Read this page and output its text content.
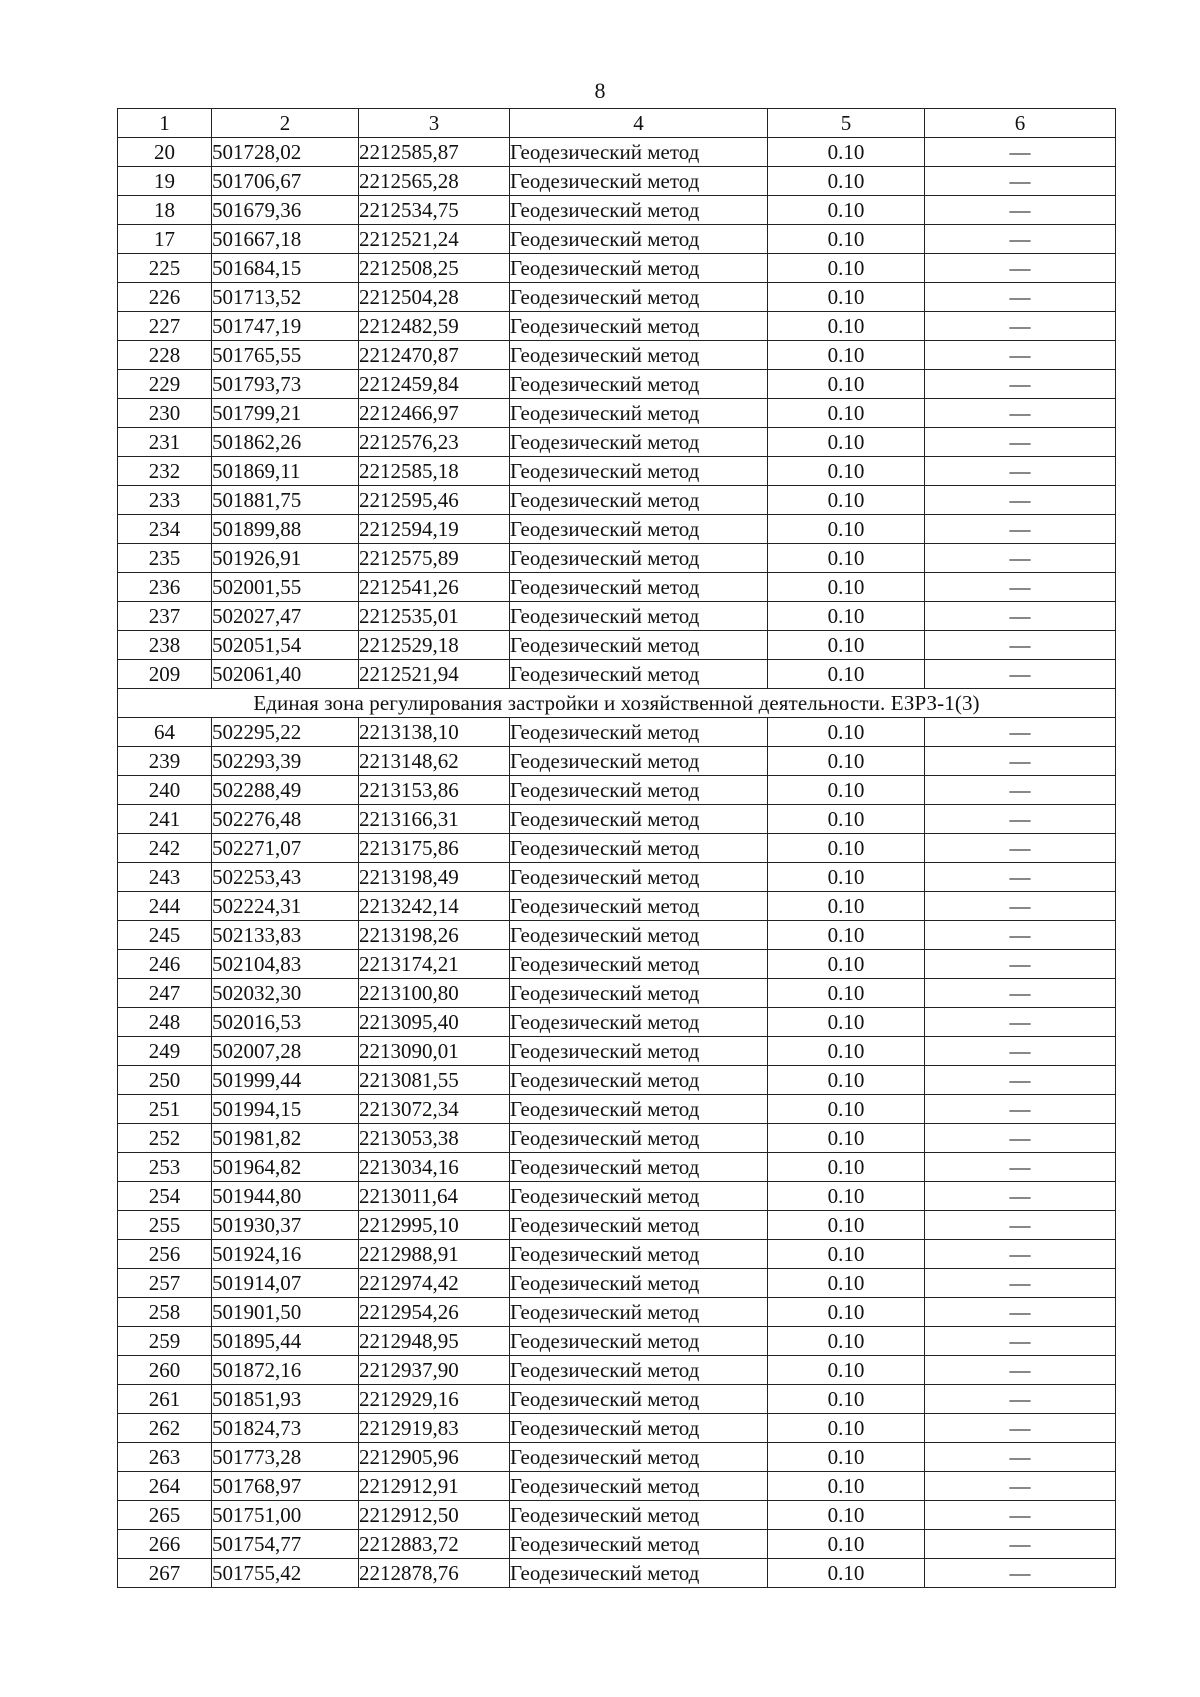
8
1	2	3	4	5	6
20	501728,02	2212585,87	Геодезический метод	0.10	—
19	501706,67	2212565,28	Геодезический метод	0.10	—
18	501679,36	2212534,75	Геодезический метод	0.10	—
17	501667,18	2212521,24	Геодезический метод	0.10	—
225	501684,15	2212508,25	Геодезический метод	0.10	—
226	501713,52	2212504,28	Геодезический метод	0.10	—
227	501747,19	2212482,59	Геодезический метод	0.10	—
228	501765,55	2212470,87	Геодезический метод	0.10	—
229	501793,73	2212459,84	Геодезический метод	0.10	—
230	501799,21	2212466,97	Геодезический метод	0.10	—
231	501862,26	2212576,23	Геодезический метод	0.10	—
232	501869,11	2212585,18	Геодезический метод	0.10	—
233	501881,75	2212595,46	Геодезический метод	0.10	—
234	501899,88	2212594,19	Геодезический метод	0.10	—
235	501926,91	2212575,89	Геодезический метод	0.10	—
236	502001,55	2212541,26	Геодезический метод	0.10	—
237	502027,47	2212535,01	Геодезический метод	0.10	—
238	502051,54	2212529,18	Геодезический метод	0.10	—
209	502061,40	2212521,94	Геодезический метод	0.10	—
Единая зона регулирования застройки и хозяйственной деятельности. ЕЗРЗ-1(3)					
64	502295,22	2213138,10	Геодезический метод	0.10	—
239	502293,39	2213148,62	Геодезический метод	0.10	—
240	502288,49	2213153,86	Геодезический метод	0.10	—
241	502276,48	2213166,31	Геодезический метод	0.10	—
242	502271,07	2213175,86	Геодезический метод	0.10	—
243	502253,43	2213198,49	Геодезический метод	0.10	—
244	502224,31	2213242,14	Геодезический метод	0.10	—
245	502133,83	2213198,26	Геодезический метод	0.10	—
246	502104,83	2213174,21	Геодезический метод	0.10	—
247	502032,30	2213100,80	Геодезический метод	0.10	—
248	502016,53	2213095,40	Геодезический метод	0.10	—
249	502007,28	2213090,01	Геодезический метод	0.10	—
250	501999,44	2213081,55	Геодезический метод	0.10	—
251	501994,15	2213072,34	Геодезический метод	0.10	—
252	501981,82	2213053,38	Геодезический метод	0.10	—
253	501964,82	2213034,16	Геодезический метод	0.10	—
254	501944,80	2213011,64	Геодезический метод	0.10	—
255	501930,37	2212995,10	Геодезический метод	0.10	—
256	501924,16	2212988,91	Геодезический метод	0.10	—
257	501914,07	2212974,42	Геодезический метод	0.10	—
258	501901,50	2212954,26	Геодезический метод	0.10	—
259	501895,44	2212948,95	Геодезический метод	0.10	—
260	501872,16	2212937,90	Геодезический метод	0.10	—
261	501851,93	2212929,16	Геодезический метод	0.10	—
262	501824,73	2212919,83	Геодезический метод	0.10	—
263	501773,28	2212905,96	Геодезический метод	0.10	—
264	501768,97	2212912,91	Геодезический метод	0.10	—
265	501751,00	2212912,50	Геодезический метод	0.10	—
266	501754,77	2212883,72	Геодезический метод	0.10	—
267	501755,42	2212878,76	Геодезический метод	0.10	—
